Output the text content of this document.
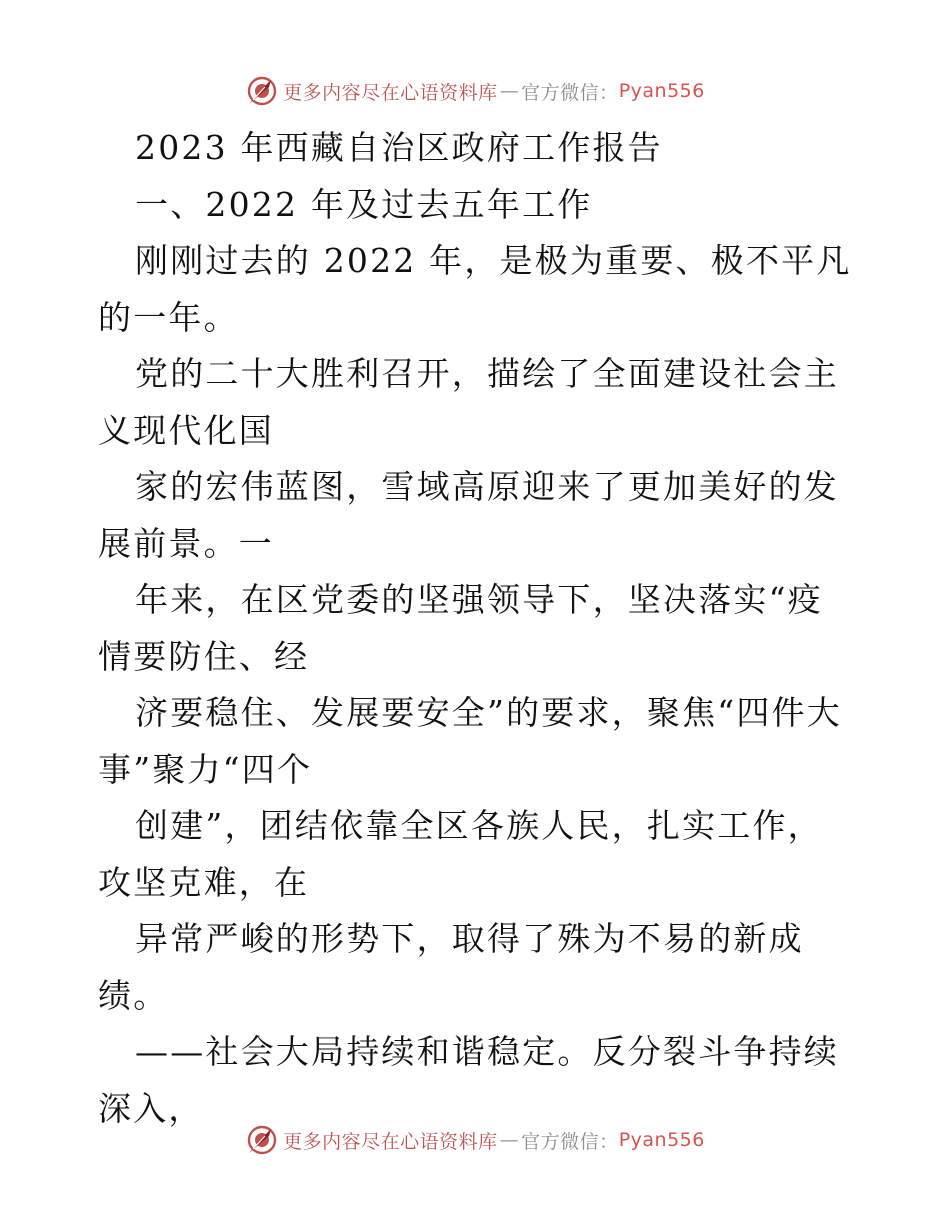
更多内容尽在心语资料库 — 官方微信： Pyan556

2023 年西藏自治区政府工作报告

一、2022 年及过去五年工作

刚刚过去的 2022 年，是极为重要、极不平凡的一年。

党的二十大胜利召开，描绘了全面建设社会主义现代化国

家的宏伟蓝图，雪域高原迎来了更加美好的发展前景。一

年来，在区党委的坚强领导下，坚决落实“疫情要防住、经

济要稳住、发展要安全”的要求，聚焦“四件大事”聚力“四个

创建”，团结依靠全区各族人民，扎实工作，攻坚克难，在

异常严峻的形势下，取得了殊为不易的新成绩。

——社会大局持续和谐稳定。反分裂斗争持续深入，

更多内容尽在心语资料库 — 官方微信： Pyan556
